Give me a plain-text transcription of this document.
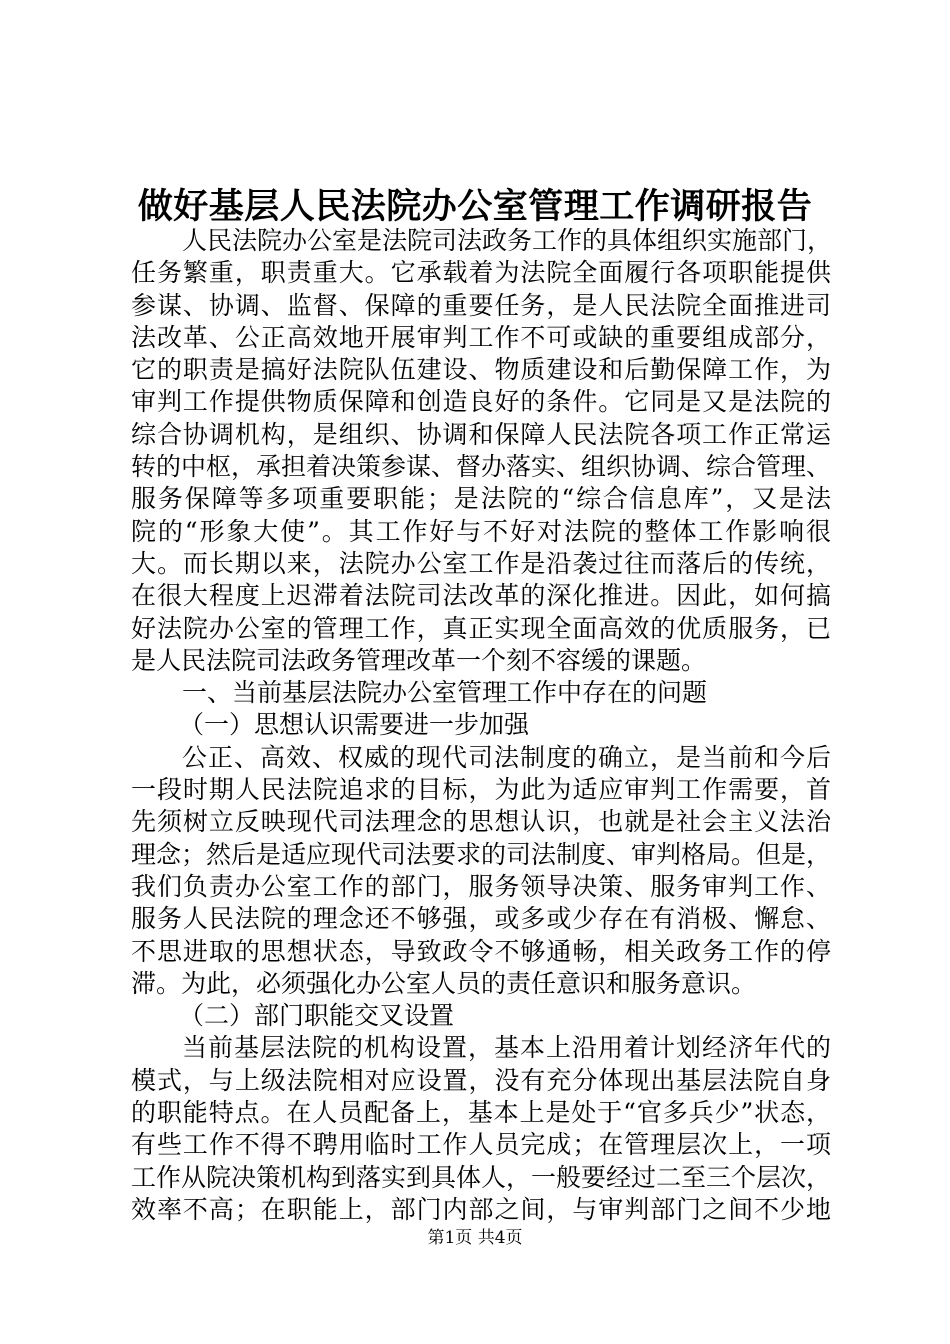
做好基层人民法院办公室管理工作调研报告
人民法院办公室是法院司法政务工作的具体组织实施部门，
任务繁重，职责重大。它承载着为法院全面履行各项职能提供
参谋、协调、监督、保障的重要任务，是人民法院全面推进司
法改革、公正高效地开展审判工作不可或缺的重要组成部分，
它的职责是搞好法院队伍建设、物质建设和后勤保障工作，为
审判工作提供物质保障和创造良好的条件。它同是又是法院的
综合协调机构，是组织、协调和保障人民法院各项工作正常运
转的中枢，承担着决策参谋、督办落实、组织协调、综合管理、
服务保障等多项重要职能；是法院的“综合信息库”，又是法
院的“形象大使”。其工作好与不好对法院的整体工作影响很
大。而长期以来，法院办公室工作是沿袭过往而落后的传统，
在很大程度上迟滞着法院司法改革的深化推进。因此，如何搞
好法院办公室的管理工作，真正实现全面高效的优质服务，已
是人民法院司法政务管理改革一个刻不容缓的课题。
一、当前基层法院办公室管理工作中存在的问题
（一）思想认识需要进一步加强
公正、高效、权威的现代司法制度的确立，是当前和今后
一段时期人民法院追求的目标，为此为适应审判工作需要，首
先须树立反映现代司法理念的思想认识，也就是社会主义法治
理念；然后是适应现代司法要求的司法制度、审判格局。但是，
我们负责办公室工作的部门，服务领导决策、服务审判工作、
服务人民法院的理念还不够强，或多或少存在有消极、懈怠、
不思进取的思想状态，导致政令不够通畅，相关政务工作的停
滞。为此，必须强化办公室人员的责任意识和服务意识。
（二）部门职能交叉设置
当前基层法院的机构设置，基本上沿用着计划经济年代的
模式，与上级法院相对应设置，没有充分体现出基层法院自身
的职能特点。在人员配备上，基本上是处于“官多兵少”状态，
有些工作不得不聘用临时工作人员完成；在管理层次上，一项
工作从院决策机构到落实到具体人，一般要经过二至三个层次，
效率不高；在职能上，部门内部之间，与审判部门之间不少地
第1页 共4页
